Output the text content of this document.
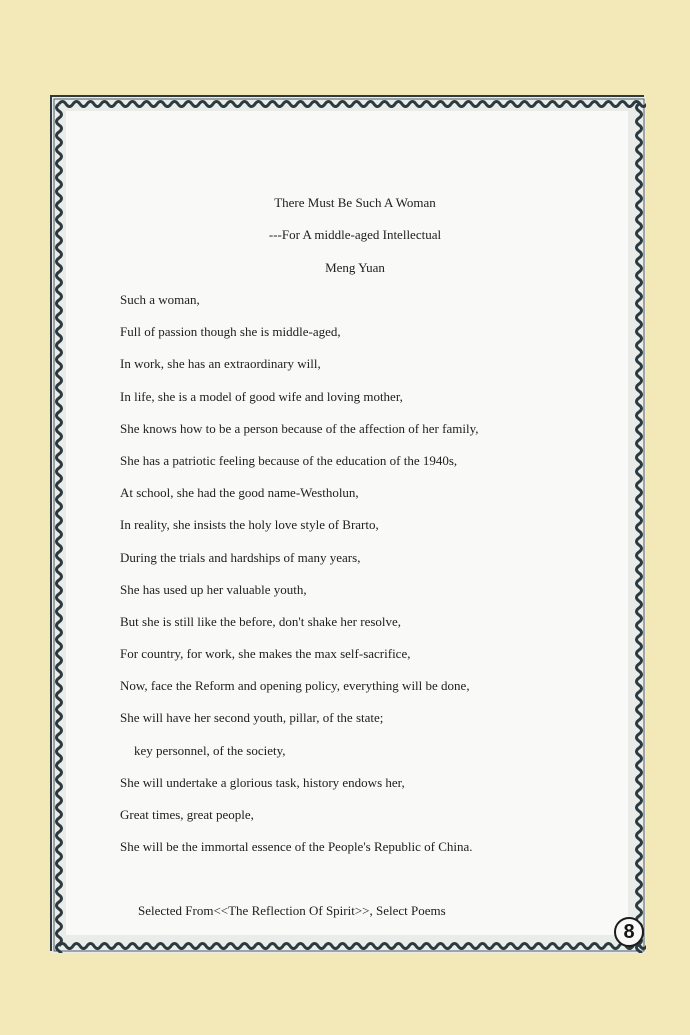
There Must Be Such A Woman
---For A middle-aged Intellectual
Meng Yuan
Such a woman,
Full of passion though she is middle-aged,
In work, she has an extraordinary will,
In life, she is a model of good wife and loving mother,
She knows how to be a person because of the affection of her family,
She has a patriotic feeling because of the education of the 1940s,
At school, she had the good name-Westholun,
In reality, she insists the holy love style of Brarto,
During the trials and hardships of many years,
She has used up her valuable youth,
But she is still like the before, don't shake her resolve,
For country, for work, she makes the max self-sacrifice,
Now, face the Reform and opening policy, everything will be done,
She will have her second youth, pillar, of the state;
key personnel, of the society,
She will undertake a glorious task, history endows her,
Great times, great people,
She will be the immortal essence of the People's Republic of China.
Selected From<<The Reflection Of Spirit>>, Select Poems
8
